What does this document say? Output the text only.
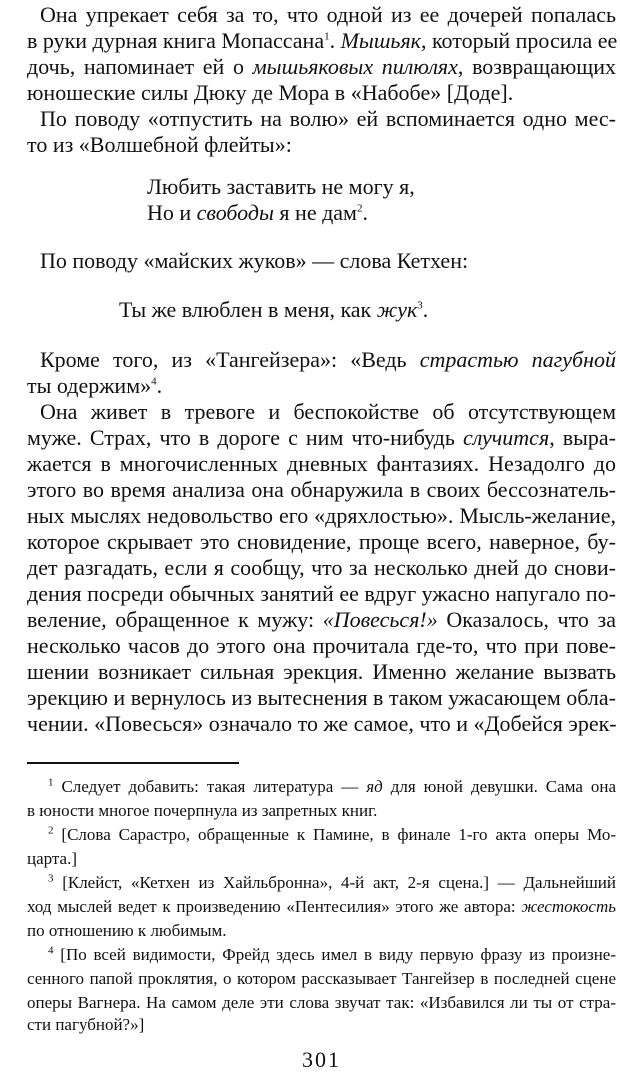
Она упрекает себя за то, что одной из ее дочерей попалась
в руки дурная книга Мопассана$^1$. Мышьяк, который просила ее
дочь, напоминает ей о мышьяковых пилюлях, возвращающих
юношеские силы Дюку де Мора в «Набобе» [Доде].
По поводу «отпустить на волю» ей вспоминается одно мес-
то из «Волшебной флейты»:
Любить заставить не могу я,
Но и свободы я не дам$^2$.
По поводу «майских жуков» — слова Кетхен:
Ты же влюблен в меня, как жук$^3$.
Кроме того, из «Тангейзера»: «Ведь страстью пагубной
ты одержим»$^4$.
Она живет в тревоге и беспокойстве об отсутствующем
муже. Страх, что в дороге с ним что-нибудь случится, выра-
жается в многочисленных дневных фантазиях. Незадолго до
этого во время анализа она обнаружила в своих бессознатель-
ных мыслях недовольство его «дряхлостью». Мысль-желание,
которое скрывает это сновидение, проще всего, наверное, бу-
дет разгадать, если я сообщу, что за несколько дней до снови-
дения посреди обычных занятий ее вдруг ужасно напугало по-
веление, обращенное к мужу: «Повесься!» Оказалось, что за
несколько часов до этого она прочитала где-то, что при пове-
шении возникает сильная эрекция. Именно желание вызвать
эрекцию и вернулось из вытеснения в таком ужасающем обла-
чении. «Повесься» означало то же самое, что и «Добейся эрек-
$^1$ Следует добавить: такая литература — яд для юной девушки. Сама она
в юности многое почерпнула из запретных книг.
$^2$ [Слова Сарастро, обращенные к Памине, в финале 1-го акта оперы Мо-
царта.]
$^3$ [Клейст, «Кетхен из Хайльбронна», 4-й акт, 2-я сцена.] — Дальнейший
ход мыслей ведет к произведению «Пентесилия» этого же автора: жестокость
по отношению к любимым.
$^4$ [По всей видимости, Фрейд здесь имел в виду первую фразу из произне-
сенного папой проклятия, о котором рассказывает Тангейзер в последней сцене
оперы Вагнера. На самом деле эти слова звучат так: «Избавился ли ты от стра-
сти пагубной?»]
301
